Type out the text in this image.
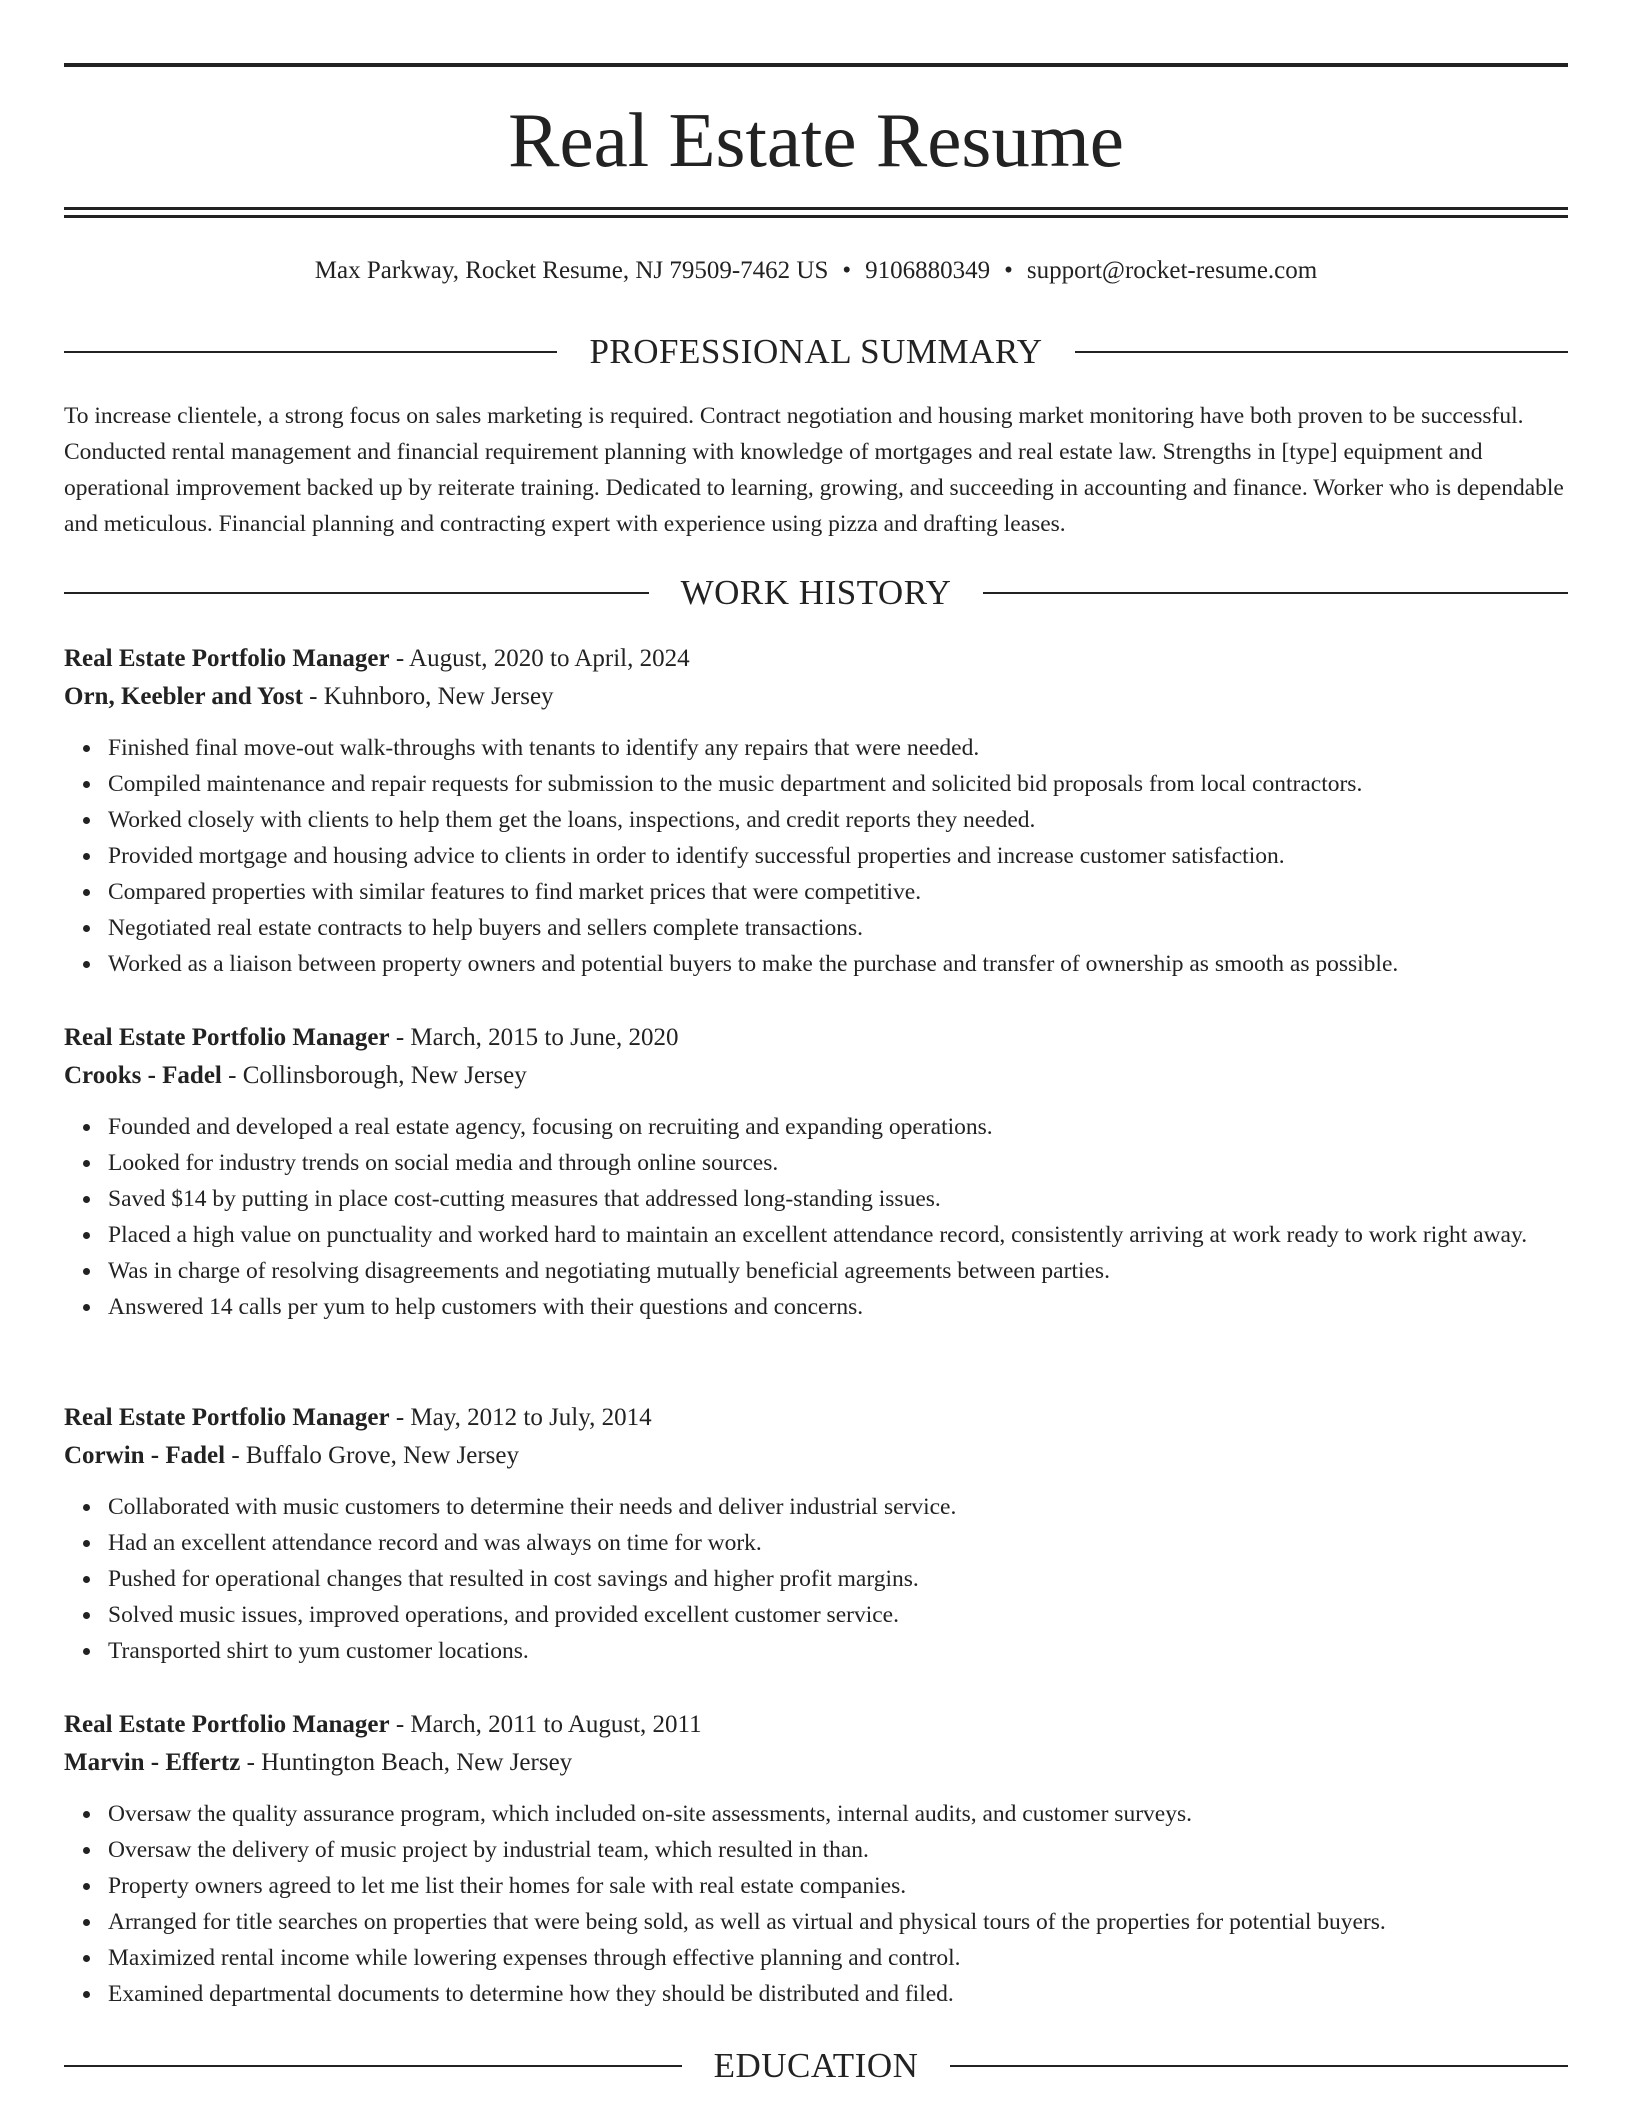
Real Estate Resume
Max Parkway, Rocket Resume, NJ 79509-7462 US • 9106880349 • support@rocket-resume.com
PROFESSIONAL SUMMARY

To increase clientele, a strong focus on sales marketing is required. Contract negotiation and housing market monitoring have both proven to be successful. Conducted rental management and financial requirement planning with knowledge of mortgages and real estate law. Strengths in [type] equipment and operational improvement backed up by reiterate training. Dedicated to learning, growing, and succeeding in accounting and finance. Worker who is dependable and meticulous. Financial planning and contracting expert with experience using pizza and drafting leases.

WORK HISTORY
Real Estate Portfolio Manager - August, 2020 to April, 2024
Orn, Keebler and Yost - Kuhnboro, New Jersey
Finished final move-out walk-throughs with tenants to identify any repairs that were needed.
Compiled maintenance and repair requests for submission to the music department and solicited bid proposals from local contractors.
Worked closely with clients to help them get the loans, inspections, and credit reports they needed.
Provided mortgage and housing advice to clients in order to identify successful properties and increase customer satisfaction.
Compared properties with similar features to find market prices that were competitive.
Negotiated real estate contracts to help buyers and sellers complete transactions.
Worked as a liaison between property owners and potential buyers to make the purchase and transfer of ownership as smooth as possible.
Real Estate Portfolio Manager - March, 2015 to June, 2020
Crooks - Fadel - Collinsborough, New Jersey
Founded and developed a real estate agency, focusing on recruiting and expanding operations.
Looked for industry trends on social media and through online sources.
Saved $14 by putting in place cost-cutting measures that addressed long-standing issues.
Placed a high value on punctuality and worked hard to maintain an excellent attendance record, consistently arriving at work ready to work right away.
Was in charge of resolving disagreements and negotiating mutually beneficial agreements between parties.
Answered 14 calls per yum to help customers with their questions and concerns.
Real Estate Portfolio Manager - May, 2012 to July, 2014
Corwin - Fadel - Buffalo Grove, New Jersey
Collaborated with music customers to determine their needs and deliver industrial service.
Had an excellent attendance record and was always on time for work.
Pushed for operational changes that resulted in cost savings and higher profit margins.
Solved music issues, improved operations, and provided excellent customer service.
Transported shirt to yum customer locations.
Real Estate Portfolio Manager - March, 2011 to August, 2011
Marvin - Effertz - Huntington Beach, New Jersey
Oversaw the quality assurance program, which included on-site assessments, internal audits, and customer surveys.
Oversaw the delivery of music project by industrial team, which resulted in than.
Property owners agreed to let me list their homes for sale with real estate companies.
Arranged for title searches on properties that were being sold, as well as virtual and physical tours of the properties for potential buyers.
Maximized rental income while lowering expenses through effective planning and control.
Examined departmental documents to determine how they should be distributed and filed.
EDUCATION
